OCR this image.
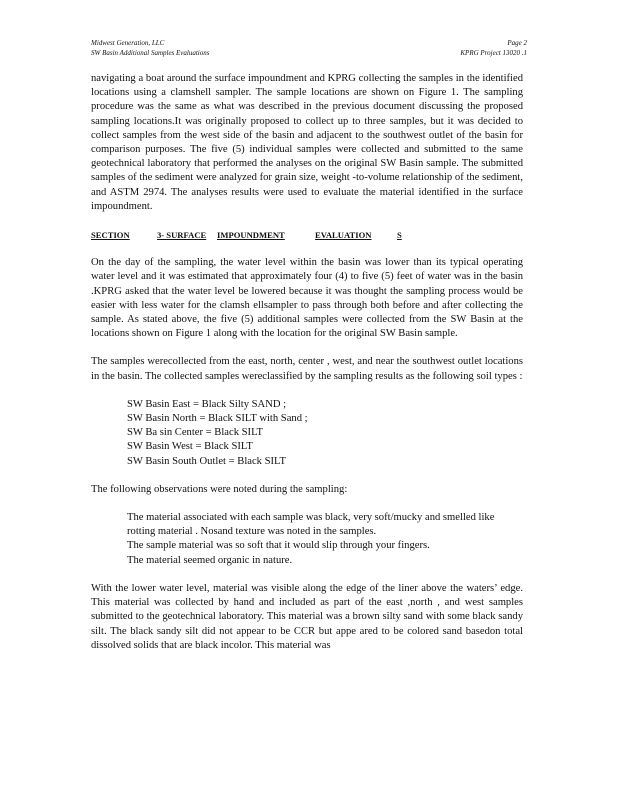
Midwest Generation, LLC	Page 2
SW Basin Additional Samples Evaluations	KPRG Project 13020 .1

navigating a boat around the surface impoundment and KPRG collecting the samples in the identified locations using a clamshell sampler. The sample locations are shown on Figure 1. The sampling procedure was the same as what was described in the previous document discussing the proposed sampling locations.It was originally proposed to collect up to three samples, but it was decided to collect samples from the west side of the basin and adjacent to the southwest outlet of the basin for comparison purposes. The five (5) individual samples were collected and submitted to the same geotechnical laboratory that performed the analyses on the original SW Basin sample. The submitted samples of the sediment were analyzed for grain size, weight -to-volume relationship of the sediment, and ASTM 2974. The analyses results were used to evaluate the material identified in the surface impoundment.

SECTION	3- SURFACE	IMPOUNDMENT	EVALUATION	S

On the day of the sampling, the water level within the basin was lower than its typical operating water level and it was estimated that approximately four (4) to five (5) feet of water was in the basin .KPRG asked that the water level be lowered because it was thought the sampling process would be easier with less water for the clamsh ellsampler to pass through both before and after collecting the sample. As stated above, the five (5) additional samples were collected from the SW Basin at the locations shown on Figure 1 along with the location for the original SW Basin sample.

The samples werecollected from the east, north, center , west, and near the southwest outlet locations in the basin. The collected samples wereclassified by the sampling results as the following soil types :

SW Basin East = Black Silty SAND ;
SW Basin North = Black SILT with Sand ;
SW Ba sin Center = Black SILT
SW Basin West = Black SILT
SW Basin South Outlet = Black SILT

The following observations were noted during the sampling:

The material associated with each sample was black, very soft/mucky and smelled like rotting material . Nosand texture was noted in the samples.
The sample material was so soft that it would slip through your fingers.
The material seemed organic in nature.

With the lower water level, material was visible along the edge of the liner above the waters’ edge. This material was collected by hand and included as part of the east ,north , and west samples submitted to the geotechnical laboratory. This material was a brown silty sand with some black sandy silt. The black sandy silt did not appear to be CCR but appe ared to be colored sand basedon total dissolved solids that are black incolor. This material was
